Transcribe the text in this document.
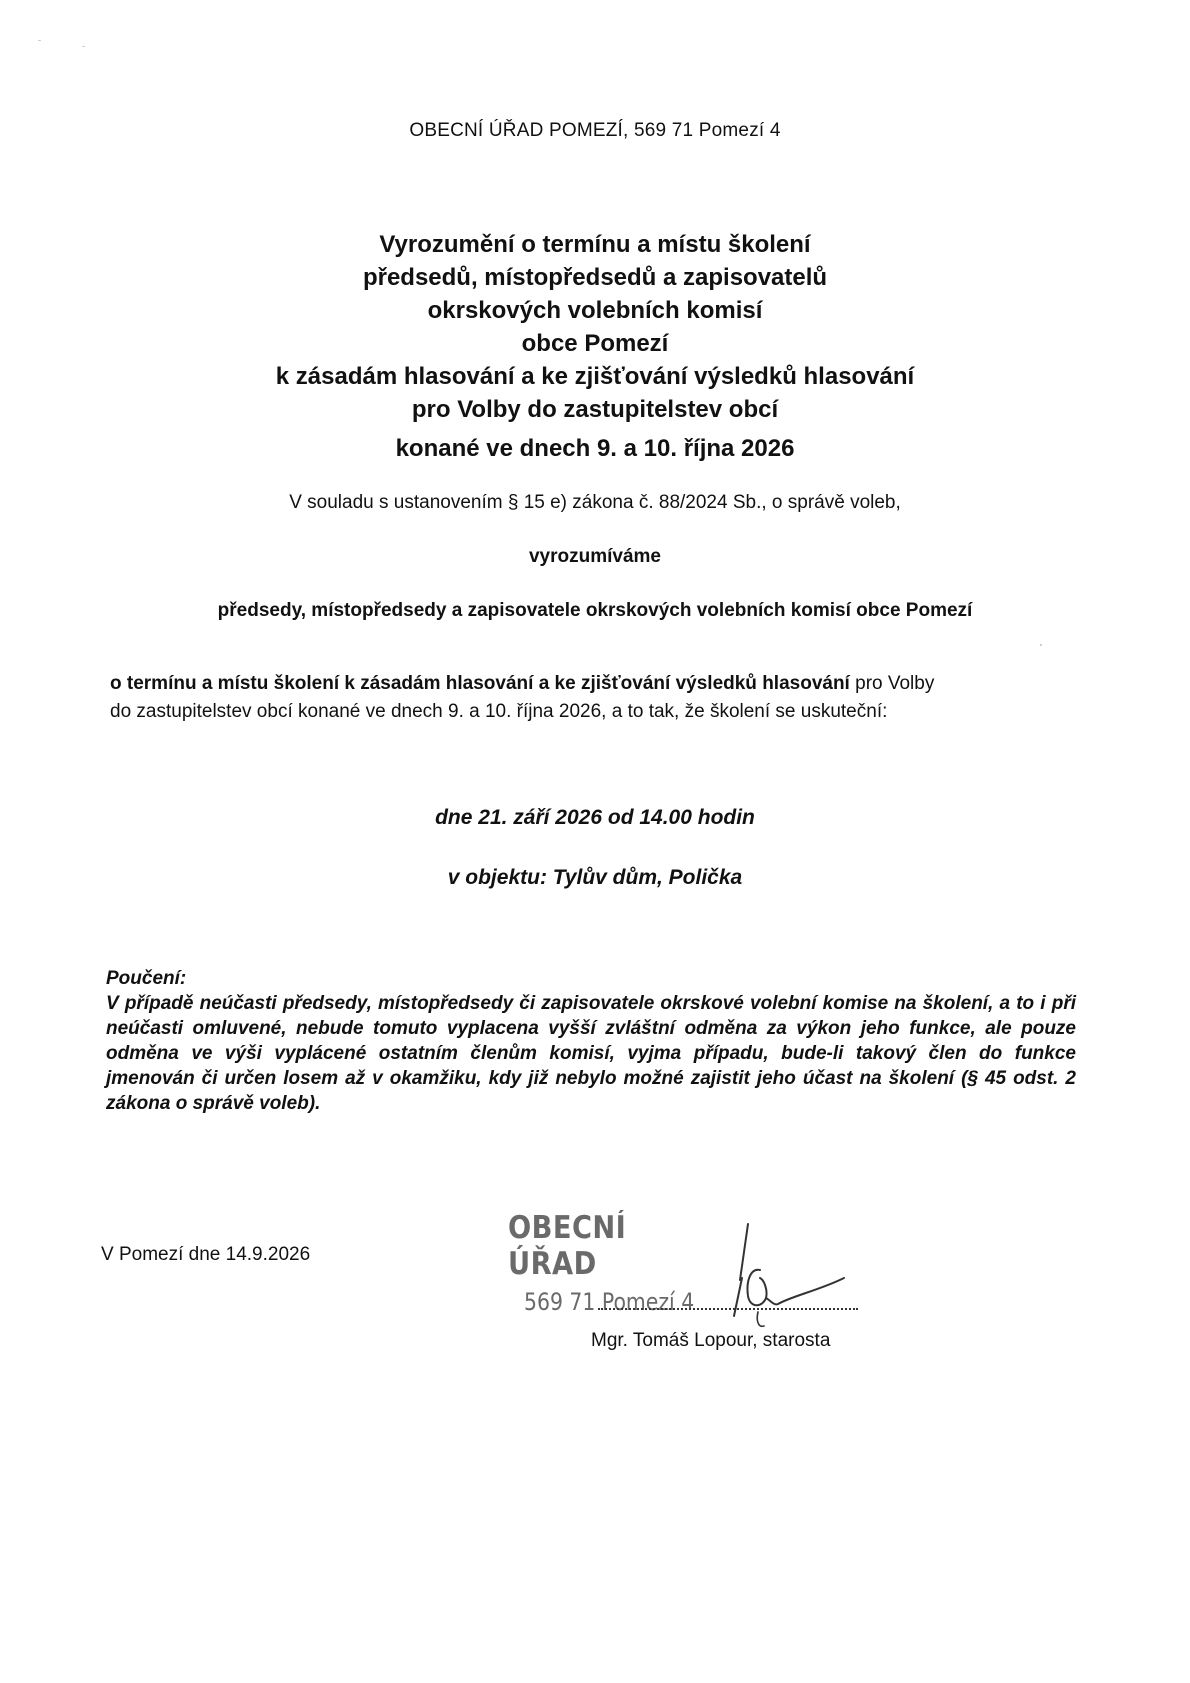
OBECNÍ ÚŘAD POMEZÍ, 569 71 Pomezí 4
Vyrozumění o termínu a místu školení
předsedů, místopředsedů a zapisovatelů
okrskových volebních komisí
obce Pomezí
k zásadám hlasování a ke zjišťování výsledků hlasování
pro Volby do zastupitelstev obcí
konané ve dnech 9. a 10. října 2026
V souladu s ustanovením § 15 e) zákona č. 88/2024 Sb., o správě voleb,
vyrozumíváme
předsedy, místopředsedy a zapisovatele okrskových volebních komisí obce Pomezí
o termínu a místu školení k zásadám hlasování a ke zjišťování výsledků hlasování pro Volby
do zastupitelstev obcí konané ve dnech 9. a 10. října 2026, a to tak, že školení se uskuteční:
dne 21. září 2026 od 14.00 hodin
v objektu: Tylův dům, Polička
Poučení:
V případě neúčasti předsedy, místopředsedy či zapisovatele okrskové volební komise na školení, a to i při neúčasti omluvené, nebude tomuto vyplacena vyšší zvláštní odměna za výkon jeho funkce, ale pouze odměna ve výši vyplácené ostatním členům komisí, vyjma případu, bude-li takový člen do funkce jmenován či určen losem až v okamžiku, kdy již nebylo možné zajistit jeho účast na školení (§ 45 odst. 2 zákona o správě voleb).
V Pomezí dne 14.9.2026
OBECNÍ ÚŘAD
569 71 Pomezí 4
Mgr. Tomáš Lopour, starosta
